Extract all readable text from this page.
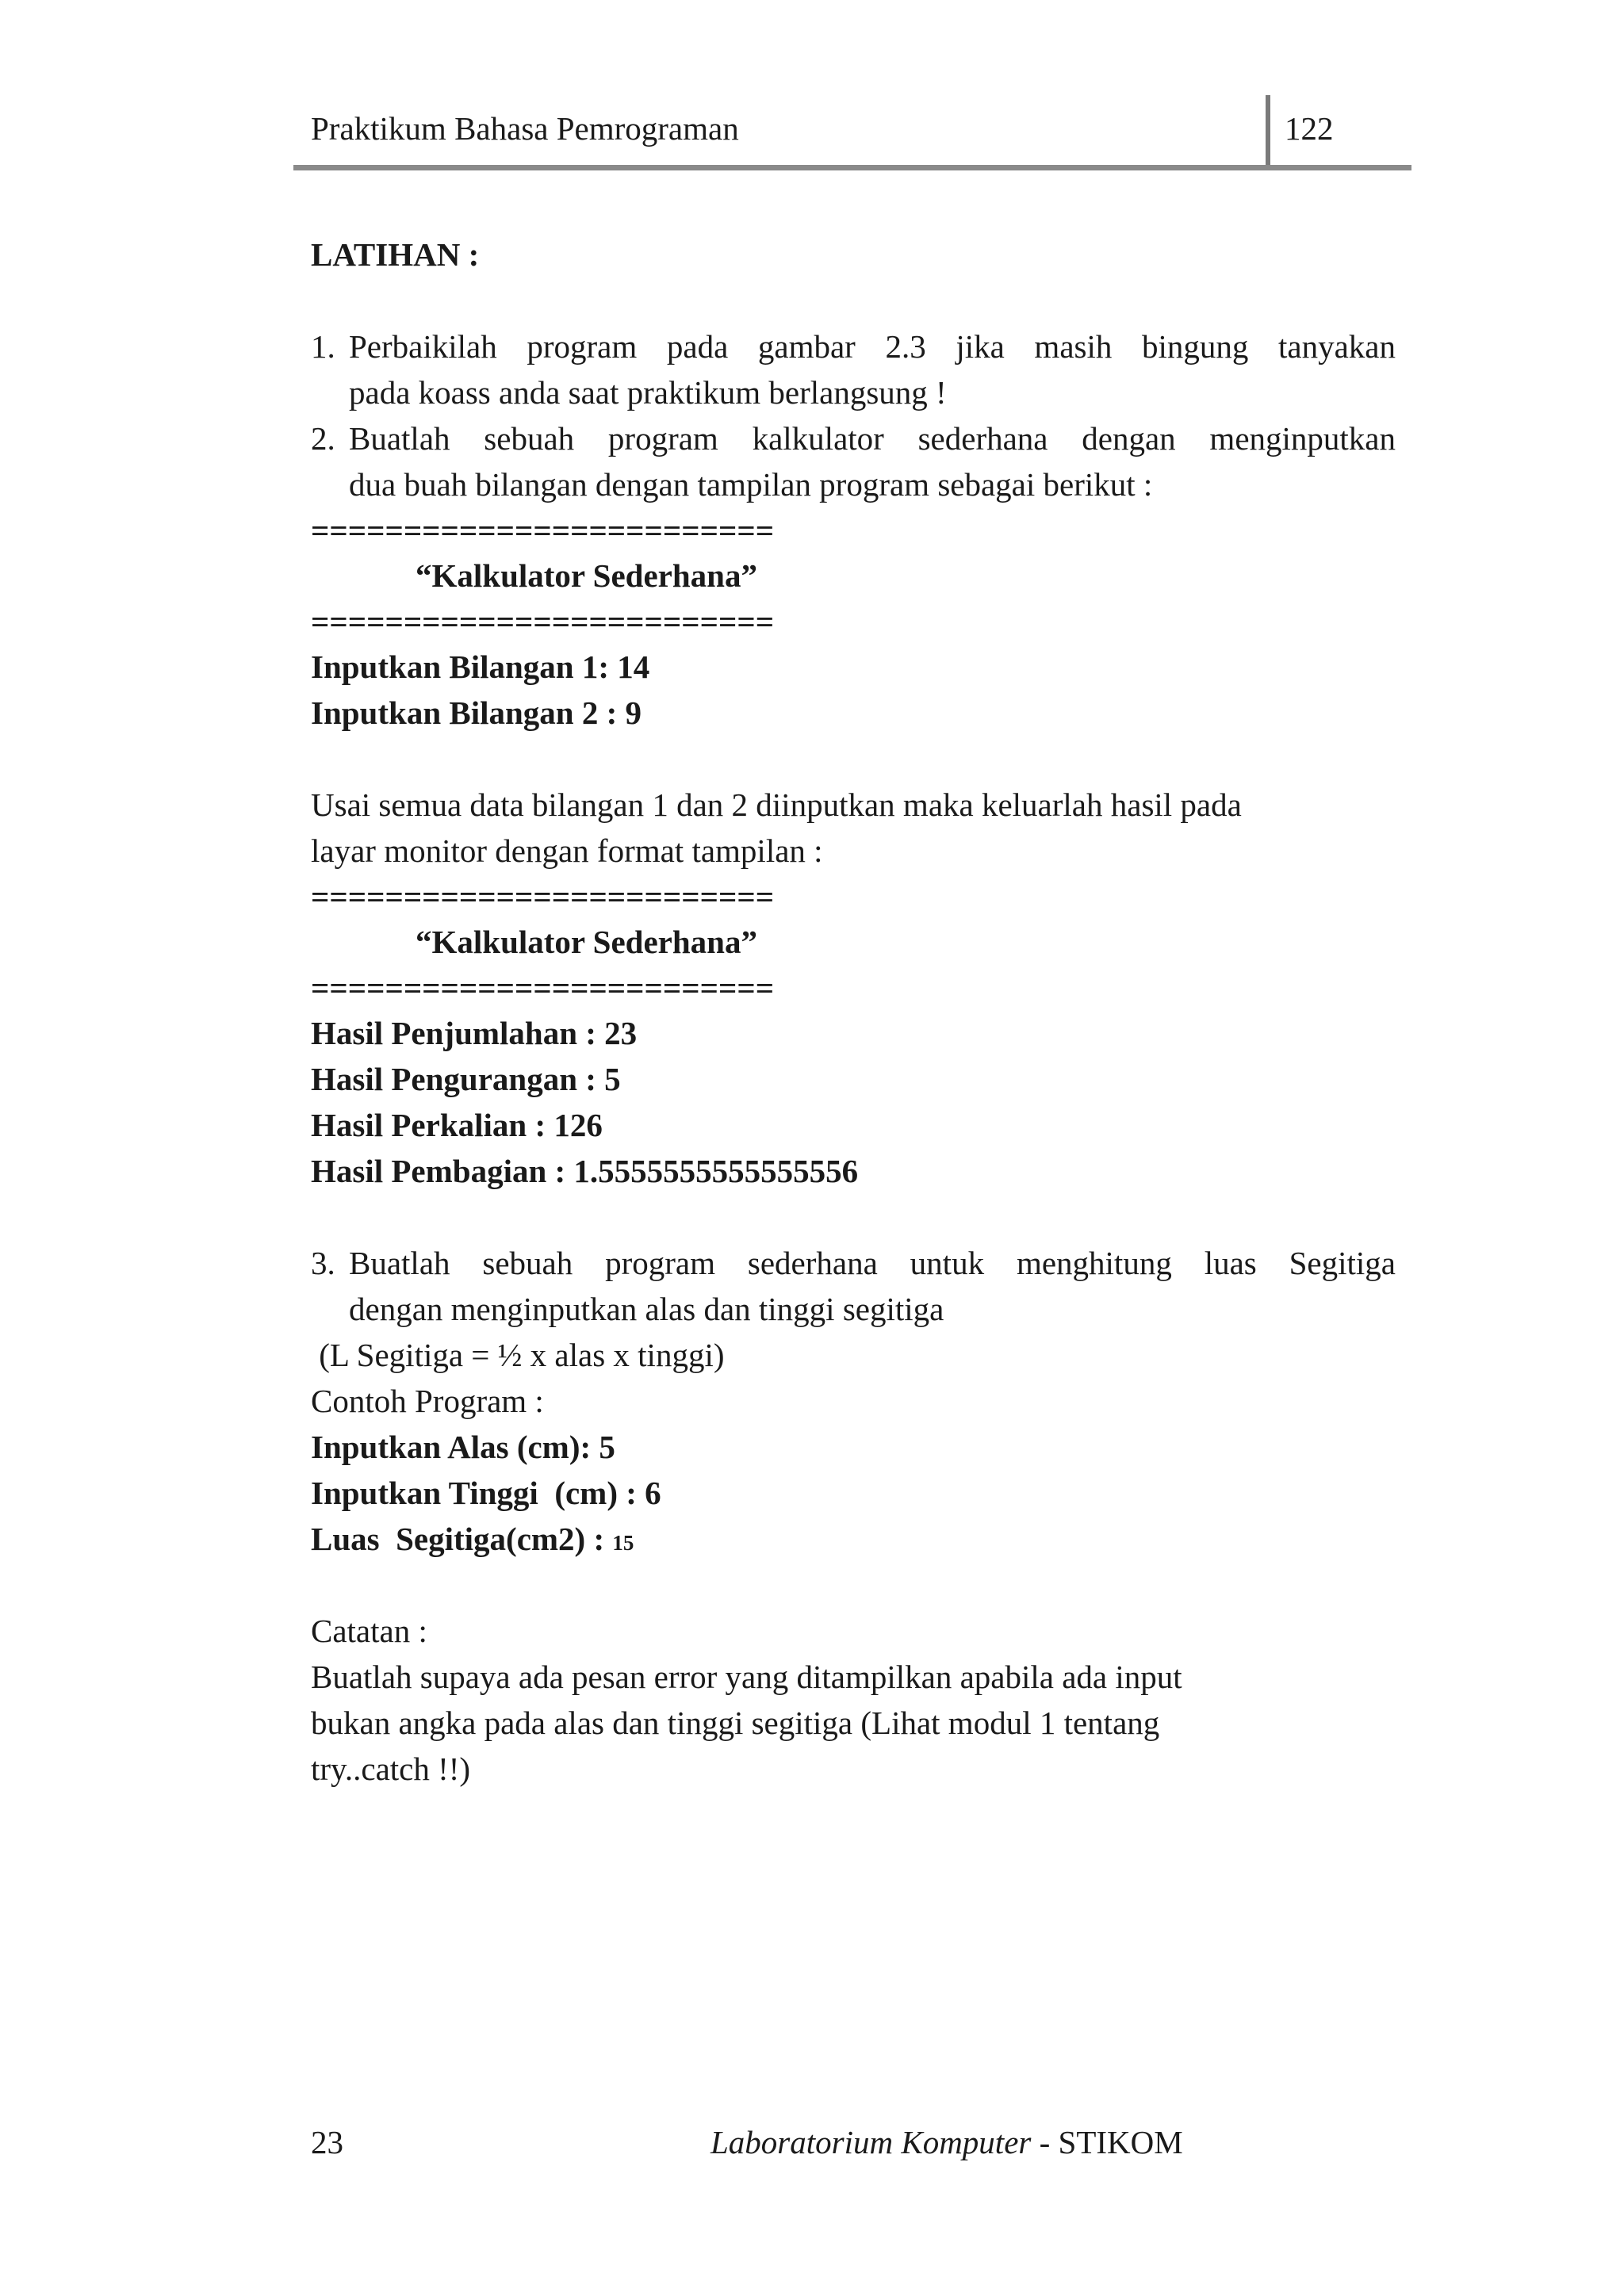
Praktikum Bahasa Pemrograman	122
LATIHAN :
1. Perbaikilah program pada gambar 2.3 jika masih bingung tanyakan
pada koass anda saat praktikum berlangsung !
2. Buatlah sebuah program kalkulator sederhana dengan menginputkan
dua buah bilangan dengan tampilan program sebagai berikut :
=========================
“Kalkulator Sederhana”
=========================
Inputkan Bilangan 1: 14
Inputkan Bilangan 2 : 9
Usai semua data bilangan 1 dan 2 diinputkan maka keluarlah hasil pada
layar monitor dengan format tampilan :
=========================
“Kalkulator Sederhana”
=========================
Hasil Penjumlahan : 23
Hasil Pengurangan : 5
Hasil Perkalian : 126
Hasil Pembagian : 1.5555555555555556
3. Buatlah sebuah program sederhana untuk menghitung luas Segitiga
dengan menginputkan alas dan tinggi segitiga
(L Segitiga = ½ x alas x tinggi)
Contoh Program :
Inputkan Alas (cm): 5
Inputkan Tinggi  (cm) : 6
Luas  Segitiga(cm2) : 15
Catatan :
Buatlah supaya ada pesan error yang ditampilkan apabila ada input
bukan angka pada alas dan tinggi segitiga (Lihat modul 1 tentang
try..catch !!)
23	Laboratorium Komputer - STIKOM
